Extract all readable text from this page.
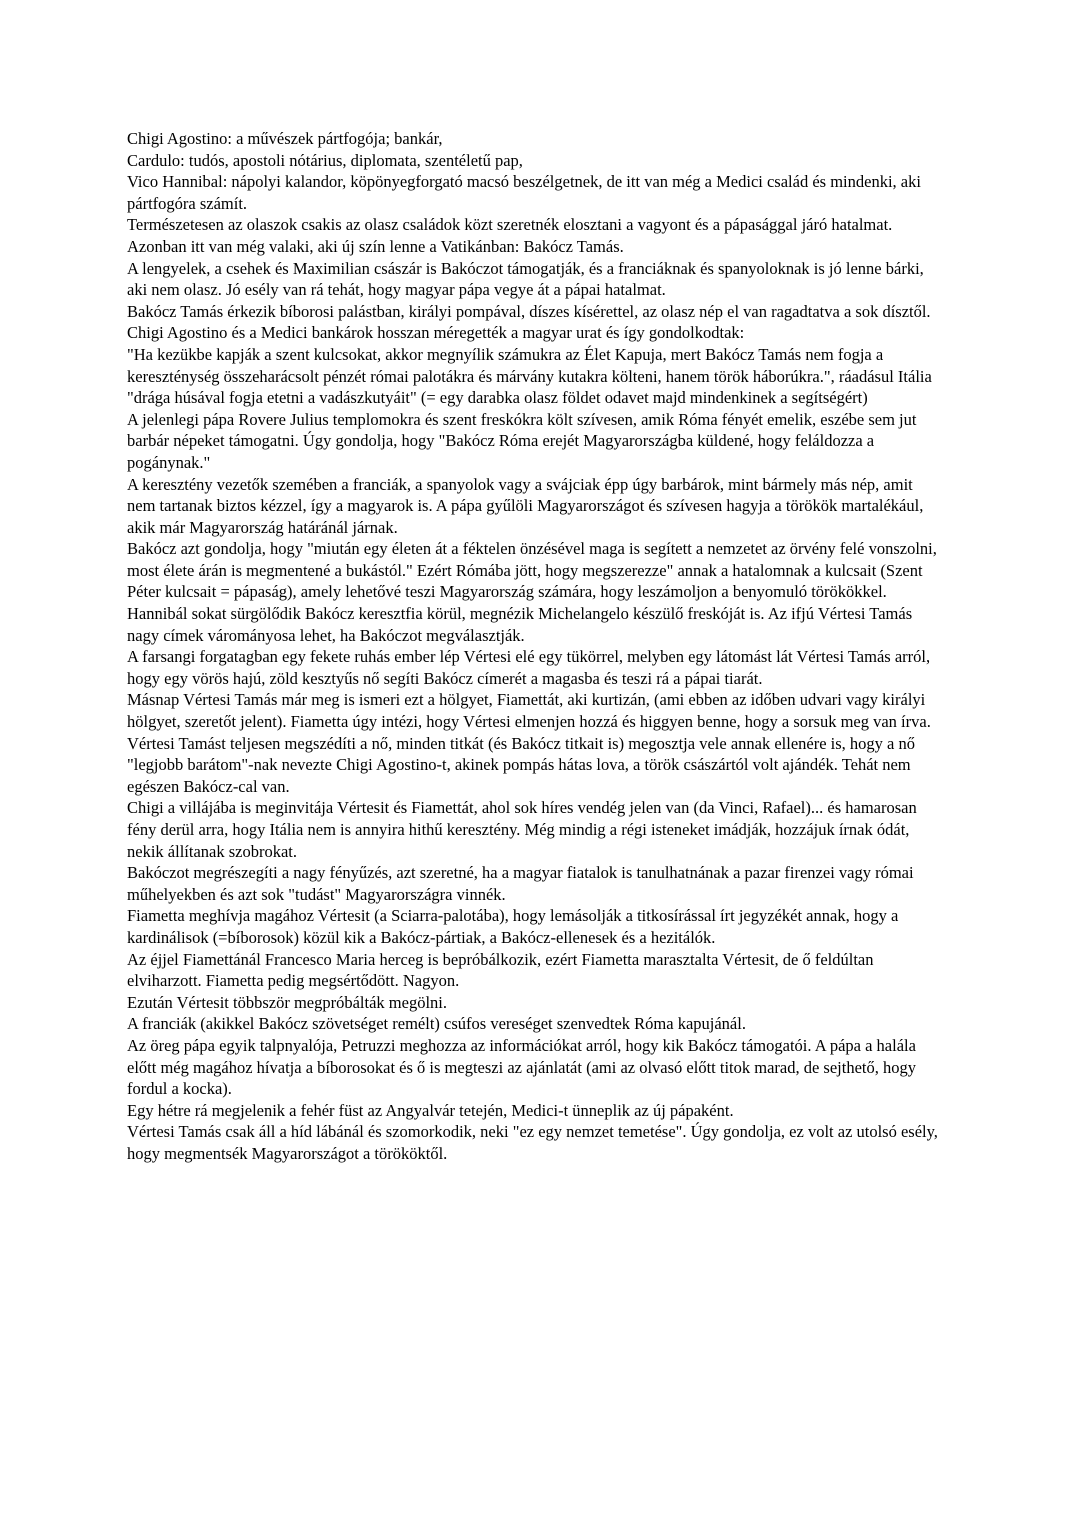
Chigi Agostino: a művészek pártfogója; bankár,

Cardulo: tudós, apostoli nótárius, diplomata, szentéletű pap,

Vico Hannibal: nápolyi kalandor, köpönyegforgató macsó beszélgetnek, de itt van még a Medici család és mindenki, aki pártfogóra számít.

Természetesen az olaszok csakis az olasz családok közt szeretnék elosztani a vagyont és a pápasággal járó hatalmat. Azonban itt van még valaki, aki új szín lenne a Vatikánban: Bakócz Tamás.

A lengyelek, a csehek és Maximilian császár is Bakóczot támogatják, és a franciáknak és spanyoloknak is jó lenne bárki, aki nem olasz. Jó esély van rá tehát, hogy magyar pápa vegye át a pápai hatalmat.

Bakócz Tamás érkezik bíborosi palástban, királyi pompával, díszes kísérettel, az olasz nép el van ragadtatva a sok dísztől. Chigi Agostino és a Medici bankárok hosszan méregették a magyar urat és így gondolkodtak:

"Ha kezükbe kapják a szent kulcsokat, akkor megnyílik számukra az Élet Kapuja, mert Bakócz Tamás nem fogja a kereszténység összeharácsolt pénzét római palotákra és márvány kutakra költeni, hanem török háborúkra.", ráadásul Itália "drága húsával fogja etetni a vadászkutyáit" (= egy darabka olasz földet odavet majd mindenkinek a segítségért)

A jelenlegi pápa Rovere Julius templomokra és szent freskókra költ szívesen, amik Róma fényét emelik, eszébe sem jut barbár népeket támogatni. Úgy gondolja, hogy "Bakócz Róma erejét Magyarországba küldené, hogy feláldozza a pogánynak."

A keresztény vezetők szemében a franciák, a spanyolok vagy a svájciak épp úgy barbárok, mint bármely más nép, amit nem tartanak biztos kézzel, így a magyarok is. A pápa gyűlöli Magyarországot és szívesen hagyja a törökök martalékául, akik már Magyarország határánál járnak.

Bakócz azt gondolja, hogy "miután egy életen át a féktelen önzésével maga is segített a nemzetet az örvény felé vonszolni, most élete árán is megmentené a bukástól." Ezért Rómába jött, hogy megszerezze" annak a hatalomnak a kulcsait (Szent Péter kulcsait = pápaság), amely lehetővé teszi Magyarország számára, hogy leszámoljon a benyomuló törökökkel.

Hannibál sokat sürgölődik Bakócz keresztfia körül, megnézik Michelangelo készülő freskóját is. Az ifjú Vértesi Tamás nagy címek várományosa lehet, ha Bakóczot megválasztják.

A farsangi forgatagban egy fekete ruhás ember lép Vértesi elé egy tükörrel, melyben egy látomást lát Vértesi Tamás arról, hogy egy vörös hajú, zöld kesztyűs nő segíti Bakócz címerét a magasba és teszi rá a pápai tiarát.

Másnap Vértesi Tamás már meg is ismeri ezt a hölgyet, Fiamettát, aki kurtizán, (ami ebben az időben udvari vagy királyi hölgyet, szeretőt jelent). Fiametta úgy intézi, hogy Vértesi elmenjen hozzá és higgyen benne, hogy a sorsuk meg van írva. Vértesi Tamást teljesen megszédíti a nő, minden titkát (és Bakócz titkait is) megosztja vele annak ellenére is, hogy a nő "legjobb barátom"-nak nevezte Chigi Agostino-t, akinek pompás hátas lova, a török császártól volt ajándék. Tehát nem egészen Bakócz-cal van.

Chigi a villájába is meginvitája Vértesit és Fiamettát, ahol sok híres vendég jelen van (da Vinci, Rafael)... és hamarosan fény derül arra, hogy Itália nem is annyira hithű keresztény. Még mindig a régi isteneket imádják, hozzájuk írnak ódát, nekik állítanak szobrokat.

Bakóczot megrészegíti a nagy fényűzés, azt szeretné, ha a magyar fiatalok is tanulhatnának a pazar firenzei vagy római műhelyekben és azt sok "tudást" Magyarországra vinnék.

Fiametta meghívja magához Vértesit (a Sciarra-palotába), hogy lemásolják a titkosírással írt jegyzékét annak, hogy a kardinálisok (=bíborosok) közül kik a Bakócz-pártiak, a Bakócz-ellenesek és a hezitálók.

Az éjjel Fiamettánál Francesco Maria herceg is bepróbálkozik, ezért Fiametta marasztalta Vértesit, de ő feldúltan elviharzott. Fiametta pedig megsértődött. Nagyon.

Ezután Vértesit többször megpróbálták megölni.

A franciák (akikkel Bakócz szövetséget remélt) csúfos vereséget szenvedtek Róma kapujánál.

Az öreg pápa egyik talpnyalója, Petruzzi meghozza az információkat arról, hogy kik Bakócz támogatói. A pápa a halála előtt még magához hívatja a bíborosokat és ő is megteszi az ajánlatát (ami az olvasó előtt titok marad, de sejthető, hogy fordul a kocka).

Egy hétre rá megjelenik a fehér füst az Angyalvár tetején, Medici-t ünneplik az új pápaként.

Vértesi Tamás csak áll a híd lábánál és szomorkodik, neki "ez egy nemzet temetése". Úgy gondolja, ez volt az utolsó esély, hogy megmentsék Magyarországot a törököktől.
